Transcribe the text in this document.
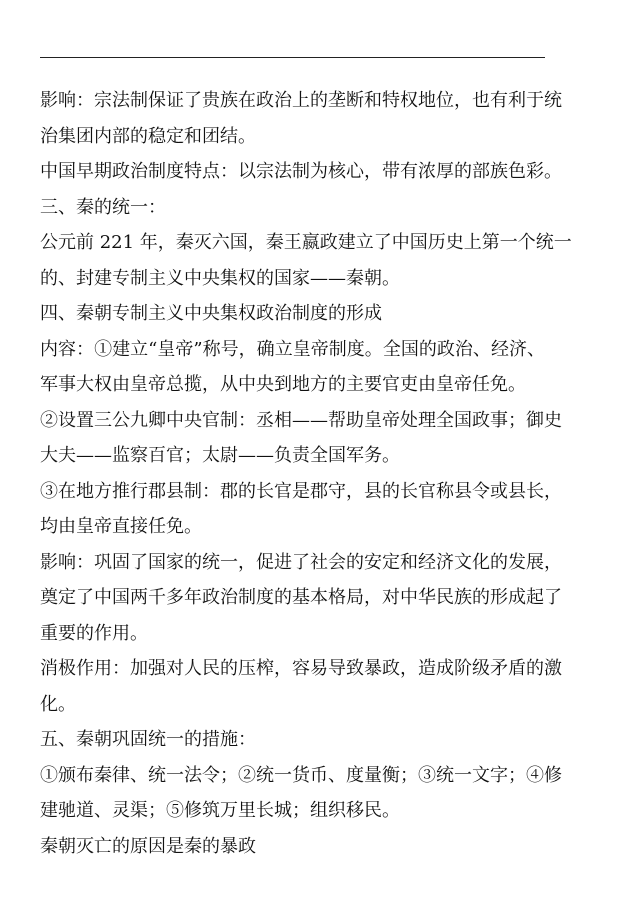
影响：宗法制保证了贵族在政治上的垄断和特权地位，也有利于统
治集团内部的稳定和团结。
中国早期政治制度特点：以宗法制为核心，带有浓厚的部族色彩。
三、秦的统一：
公元前 221 年，秦灭六国，秦王嬴政建立了中国历史上第一个统一
的、封建专制主义中央集权的国家——秦朝。
四、秦朝专制主义中央集权政治制度的形成
内容：①建立“皇帝”称号，确立皇帝制度。全国的政治、经济、
军事大权由皇帝总揽，从中央到地方的主要官吏由皇帝任免。
②设置三公九卿中央官制：丞相——帮助皇帝处理全国政事；御史
大夫——监察百官；太尉——负责全国军务。
③在地方推行郡县制：郡的长官是郡守，县的长官称县令或县长，
均由皇帝直接任免。
影响：巩固了国家的统一，促进了社会的安定和经济文化的发展，
奠定了中国两千多年政治制度的基本格局，对中华民族的形成起了
重要的作用。
消极作用：加强对人民的压榨，容易导致暴政，造成阶级矛盾的激
化。
五、秦朝巩固统一的措施：
①颁布秦律、统一法令；②统一货币、度量衡；③统一文字；④修
建驰道、灵渠；⑤修筑万里长城；组织移民。
秦朝灭亡的原因是秦的暴政
